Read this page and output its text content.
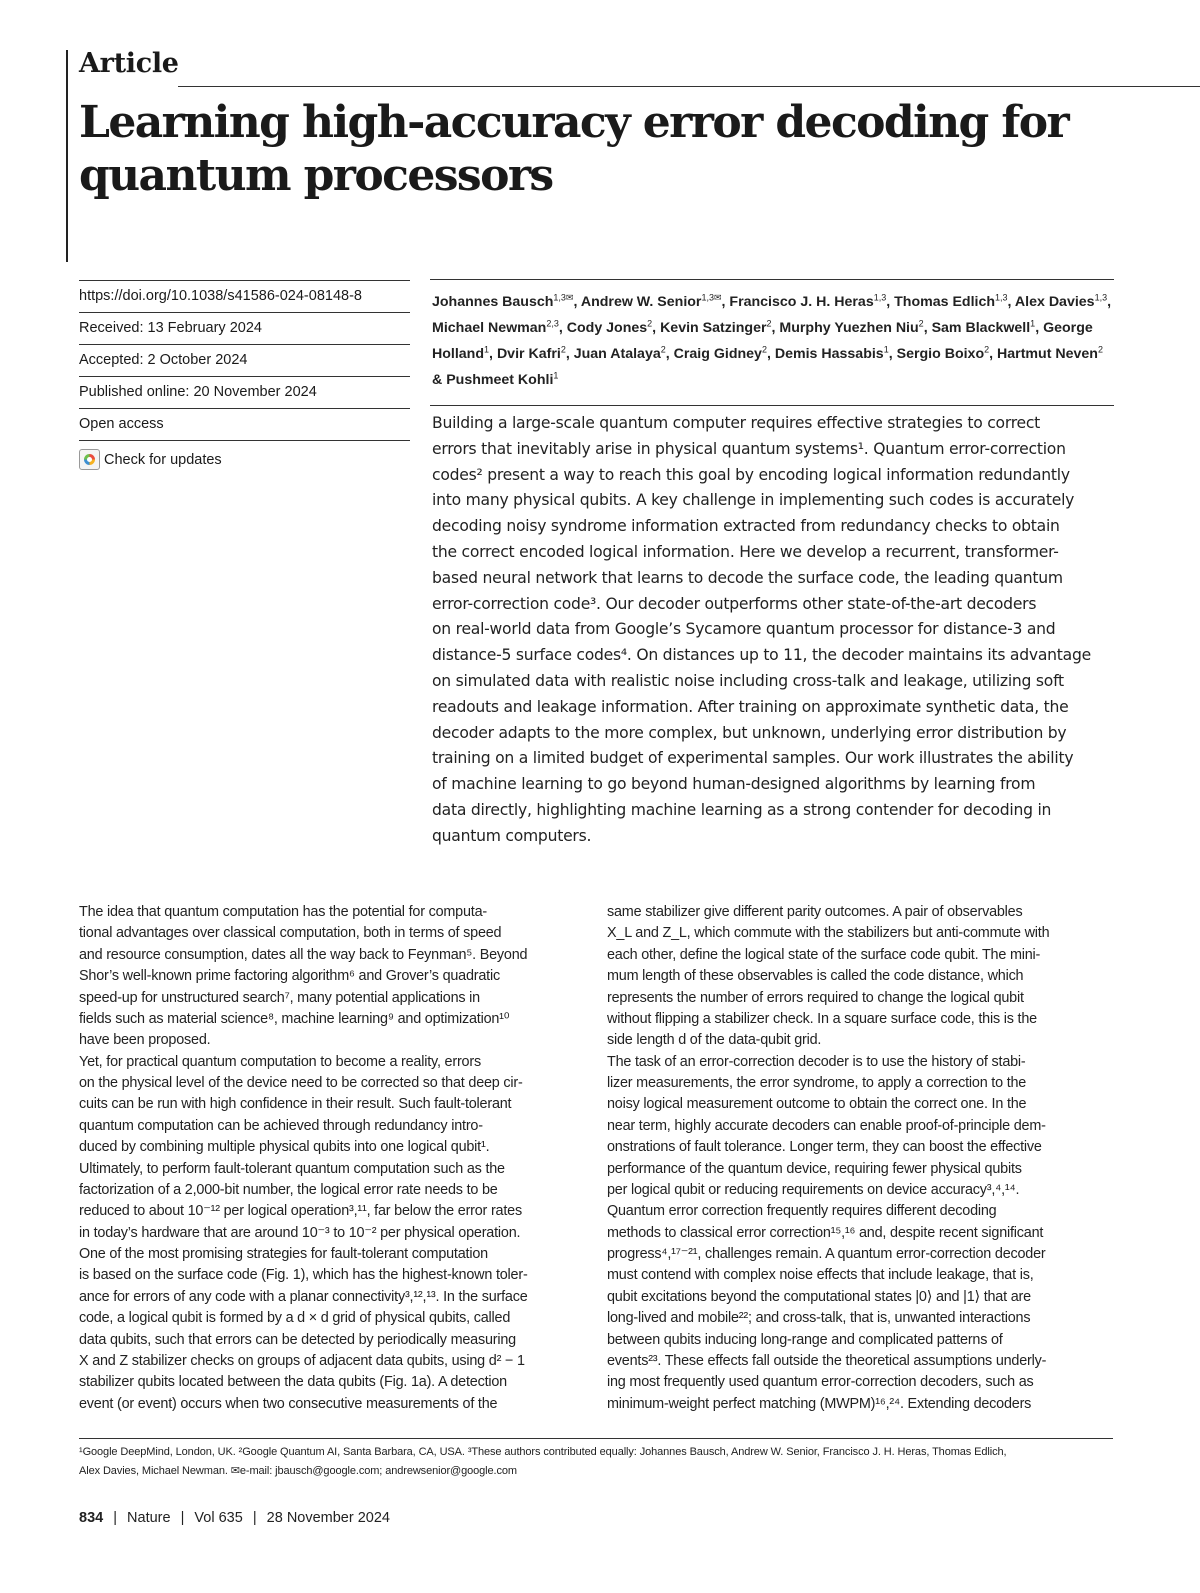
Article
Learning high-accuracy error decoding for
quantum processors
https://doi.org/10.1038/s41586-024-08148-8
Received: 13 February 2024
Accepted: 2 October 2024
Published online: 20 November 2024
Open access
Check for updates
Johannes Bausch$^{1,3✉}$, Andrew W. Senior$^{1,3✉}$, Francisco J. H. Heras$^{1,3}$, Thomas Edlich$^{1,3}$, Alex Davies$^{1,3}$, Michael Newman$^{2,3}$, Cody Jones$^2$, Kevin Satzinger$^2$, Murphy Yuezhen Niu$^2$, Sam Blackwell$^1$, George Holland$^1$, Dvir Kafri$^2$, Juan Atalaya$^2$, Craig Gidney$^2$, Demis Hassabis$^1$, Sergio Boixo$^2$, Hartmut Neven$^2$ & Pushmeet Kohli$^1$
Building a large-scale quantum computer requires effective strategies to correct
errors that inevitably arise in physical quantum systems¹. Quantum error-correction
codes² present a way to reach this goal by encoding logical information redundantly
into many physical qubits. A key challenge in implementing such codes is accurately
decoding noisy syndrome information extracted from redundancy checks to obtain
the correct encoded logical information. Here we develop a recurrent, transformer-
based neural network that learns to decode the surface code, the leading quantum
error-correction code³. Our decoder outperforms other state-of-the-art decoders
on real-world data from Google’s Sycamore quantum processor for distance-3 and
distance-5 surface codes⁴. On distances up to 11, the decoder maintains its advantage
on simulated data with realistic noise including cross-talk and leakage, utilizing soft
readouts and leakage information. After training on approximate synthetic data, the
decoder adapts to the more complex, but unknown, underlying error distribution by
training on a limited budget of experimental samples. Our work illustrates the ability
of machine learning to go beyond human-designed algorithms by learning from
data directly, highlighting machine learning as a strong contender for decoding in
quantum computers.
The idea that quantum computation has the potential for computa-
tional advantages over classical computation, both in terms of speed
and resource consumption, dates all the way back to Feynman⁵. Beyond
Shor’s well-known prime factoring algorithm⁶ and Grover’s quadratic
speed-up for unstructured search⁷, many potential applications in
fields such as material science⁸, machine learning⁹ and optimization¹⁰
have been proposed.
Yet, for practical quantum computation to become a reality, errors
on the physical level of the device need to be corrected so that deep cir-
cuits can be run with high confidence in their result. Such fault-tolerant
quantum computation can be achieved through redundancy intro-
duced by combining multiple physical qubits into one logical qubit¹.
Ultimately, to perform fault-tolerant quantum computation such as the
factorization of a 2,000-bit number, the logical error rate needs to be
reduced to about 10⁻¹² per logical operation³,¹¹, far below the error rates
in today’s hardware that are around 10⁻³ to 10⁻² per physical operation.
One of the most promising strategies for fault-tolerant computation
is based on the surface code (Fig. 1), which has the highest-known toler-
ance for errors of any code with a planar connectivity³,¹²,¹³. In the surface
code, a logical qubit is formed by a d × d grid of physical qubits, called
data qubits, such that errors can be detected by periodically measuring
X and Z stabilizer checks on groups of adjacent data qubits, using d² − 1
stabilizer qubits located between the data qubits (Fig. 1a). A detection
event (or event) occurs when two consecutive measurements of the
same stabilizer give different parity outcomes. A pair of observables
X_L and Z_L, which commute with the stabilizers but anti-commute with
each other, define the logical state of the surface code qubit. The mini-
mum length of these observables is called the code distance, which
represents the number of errors required to change the logical qubit
without flipping a stabilizer check. In a square surface code, this is the
side length d of the data-qubit grid.
The task of an error-correction decoder is to use the history of stabi-
lizer measurements, the error syndrome, to apply a correction to the
noisy logical measurement outcome to obtain the correct one. In the
near term, highly accurate decoders can enable proof-of-principle dem-
onstrations of fault tolerance. Longer term, they can boost the effective
performance of the quantum device, requiring fewer physical qubits
per logical qubit or reducing requirements on device accuracy³,⁴,¹⁴.
Quantum error correction frequently requires different decoding
methods to classical error correction¹⁵,¹⁶ and, despite recent significant
progress⁴,¹⁷⁻²¹, challenges remain. A quantum error-correction decoder
must contend with complex noise effects that include leakage, that is,
qubit excitations beyond the computational states |0⟩ and |1⟩ that are
long-lived and mobile²²; and cross-talk, that is, unwanted interactions
between qubits inducing long-range and complicated patterns of
events²³. These effects fall outside the theoretical assumptions underly-
ing most frequently used quantum error-correction decoders, such as
minimum-weight perfect matching (MWPM)¹⁶,²⁴. Extending decoders
¹Google DeepMind, London, UK. ²Google Quantum AI, Santa Barbara, CA, USA. ³These authors contributed equally: Johannes Bausch, Andrew W. Senior, Francisco J. H. Heras, Thomas Edlich,
Alex Davies, Michael Newman. ✉e-mail: jbausch@google.com; andrewsenior@google.com
834 | Nature | Vol 635 | 28 November 2024
